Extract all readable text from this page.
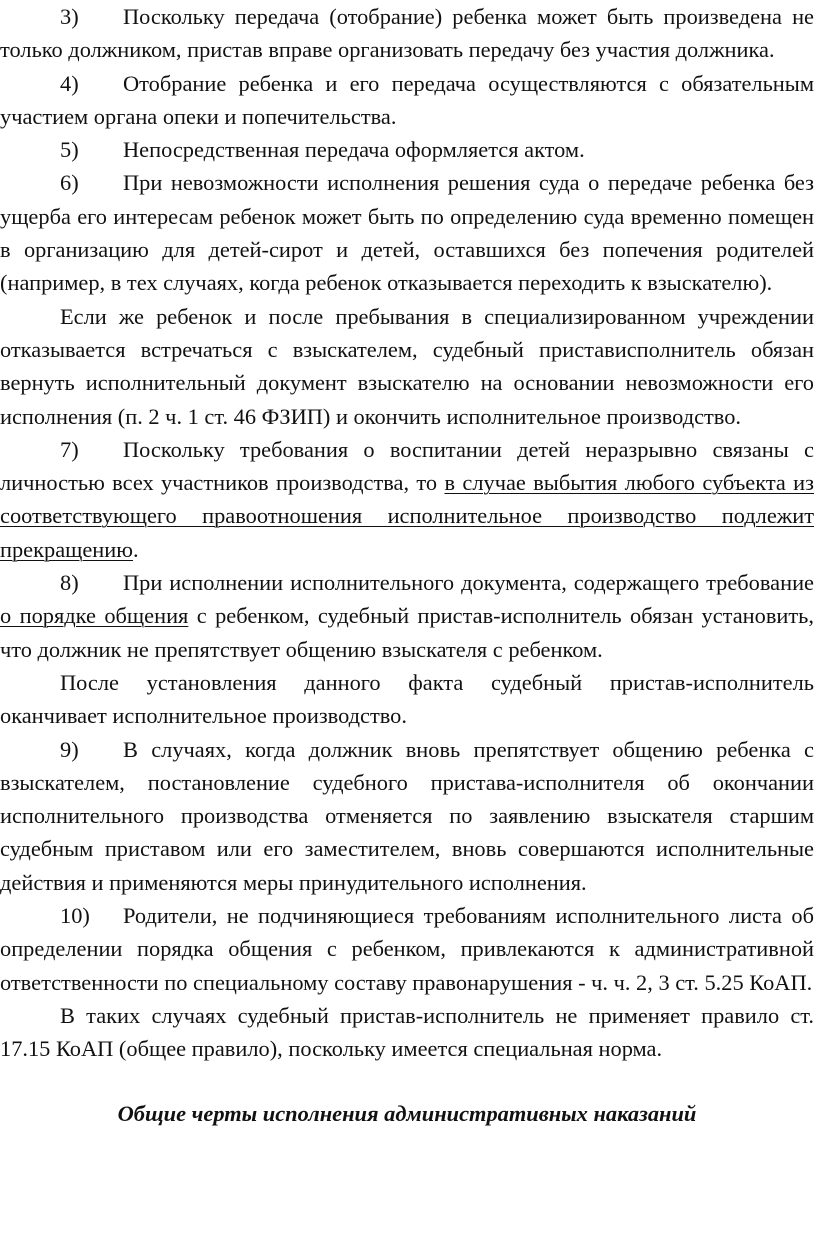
3) Поскольку передача (отобрание) ребенка может быть произведена не только должником, пристав вправе организовать передачу без участия должника.

4) Отобрание ребенка и его передача осуществляются с обязательным участием органа опеки и попечительства.

5) Непосредственная передача оформляется актом.

6) При невозможности исполнения решения суда о передаче ребенка без ущерба его интересам ребенок может быть по определению суда временно помещен в организацию для детей-сирот и детей, оставшихся без попечения родителей (например, в тех случаях, когда ребенок отказывается переходить к взыскателю).

Если же ребенок и после пребывания в специализированном учреждении отказывается встречаться с взыскателем, судебный пристависполнитель обязан вернуть исполнительный документ взыскателю на основании невозможности его исполнения (п. 2 ч. 1 ст. 46 ФЗИП) и окончить исполнительное производство.

7) Поскольку требования о воспитании детей неразрывно связаны с личностью всех участников производства, то в случае выбытия любого субъекта из соответствующего правоотношения исполнительное производство подлежит прекращению.

8) При исполнении исполнительного документа, содержащего требование о порядке общения с ребенком, судебный пристав-исполнитель обязан установить, что должник не препятствует общению взыскателя с ребенком.

После установления данного факта судебный пристав-исполнитель оканчивает исполнительное производство.

9) В случаях, когда должник вновь препятствует общению ребенка с взыскателем, постановление судебного пристава-исполнителя об окончании исполнительного производства отменяется по заявлению взыскателя старшим судебным приставом или его заместителем, вновь совершаются исполнительные действия и применяются меры принудительного исполнения.

10) Родители, не подчиняющиеся требованиям исполнительного листа об определении порядка общения с ребенком, привлекаются к административной ответственности по специальному составу правонарушения - ч. ч. 2, 3 ст. 5.25 КоАП.

В таких случаях судебный пристав-исполнитель не применяет правило ст. 17.15 КоАП (общее правило), поскольку имеется специальная норма.

Общие черты исполнения административных наказаний
